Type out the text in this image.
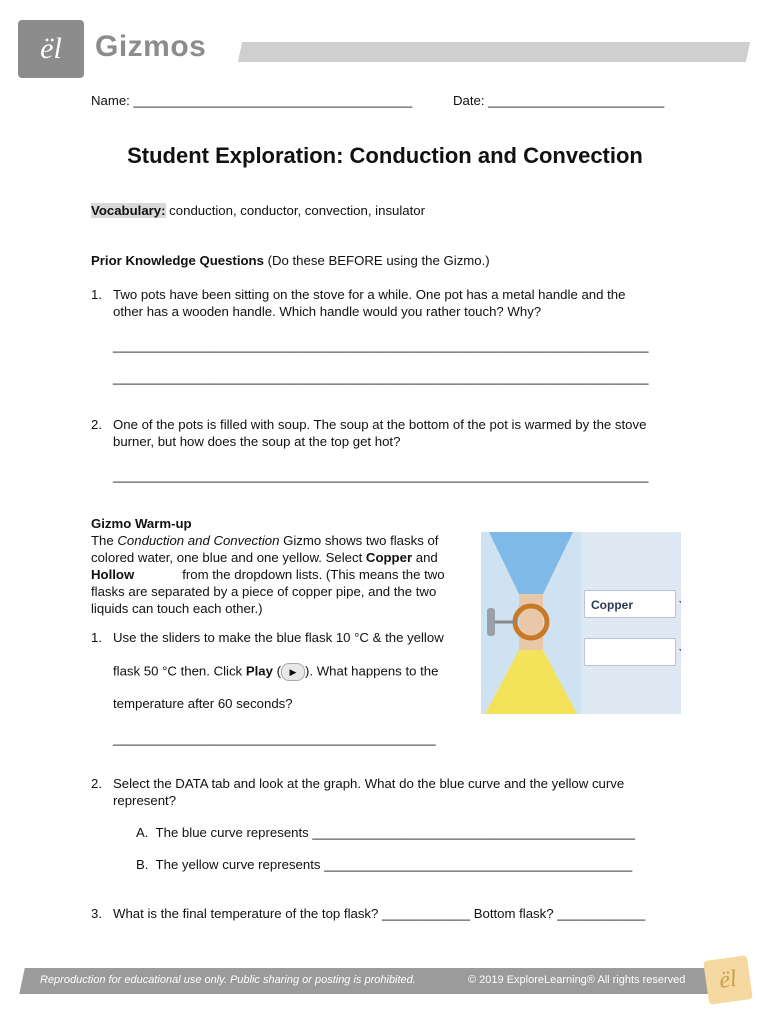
ël Gizmos
Name: ______________________________________	Date: ________________________
Student Exploration: Conduction and Convection
Vocabulary: conduction, conductor, convection, insulator
Prior Knowledge Questions (Do these BEFORE using the Gizmo.)
1. Two pots have been sitting on the stove for a while. One pot has a metal handle and the
other has a wooden handle. Which handle would you rather touch? Why?
_________________________________________________________________________
_________________________________________________________________________
2. One of the pots is filled with soup. The soup at the bottom of the pot is warmed by the stove
burner, but how does the soup at the top get hot?
_________________________________________________________________________
Gizmo Warm-up
The Conduction and Convection Gizmo shows two flasks of
colored water, one blue and one yellow. Select Copper and
Hollow	from the dropdown lists. (This means the two
flasks are separated by a piece of copper pipe, and the two
liquids can touch each other.)	Copper
1. Use the sliders to make the blue flask 10 °C & the yellow
flask 50 °C then. Click Play ( ▶ ). What happens to the
temperature after 60 seconds?
____________________________________________
2. Select the DATA tab and look at the graph. What do the blue curve and the yellow curve
represent?
A.  The blue curve represents ____________________________________________
B.  The yellow curve represents __________________________________________
3. What is the final temperature of the top flask? ____________ Bottom flask? ____________
Reproduction for educational use only. Public sharing or posting is prohibited.	© 2019 ExploreLearning® All rights reserved ël
